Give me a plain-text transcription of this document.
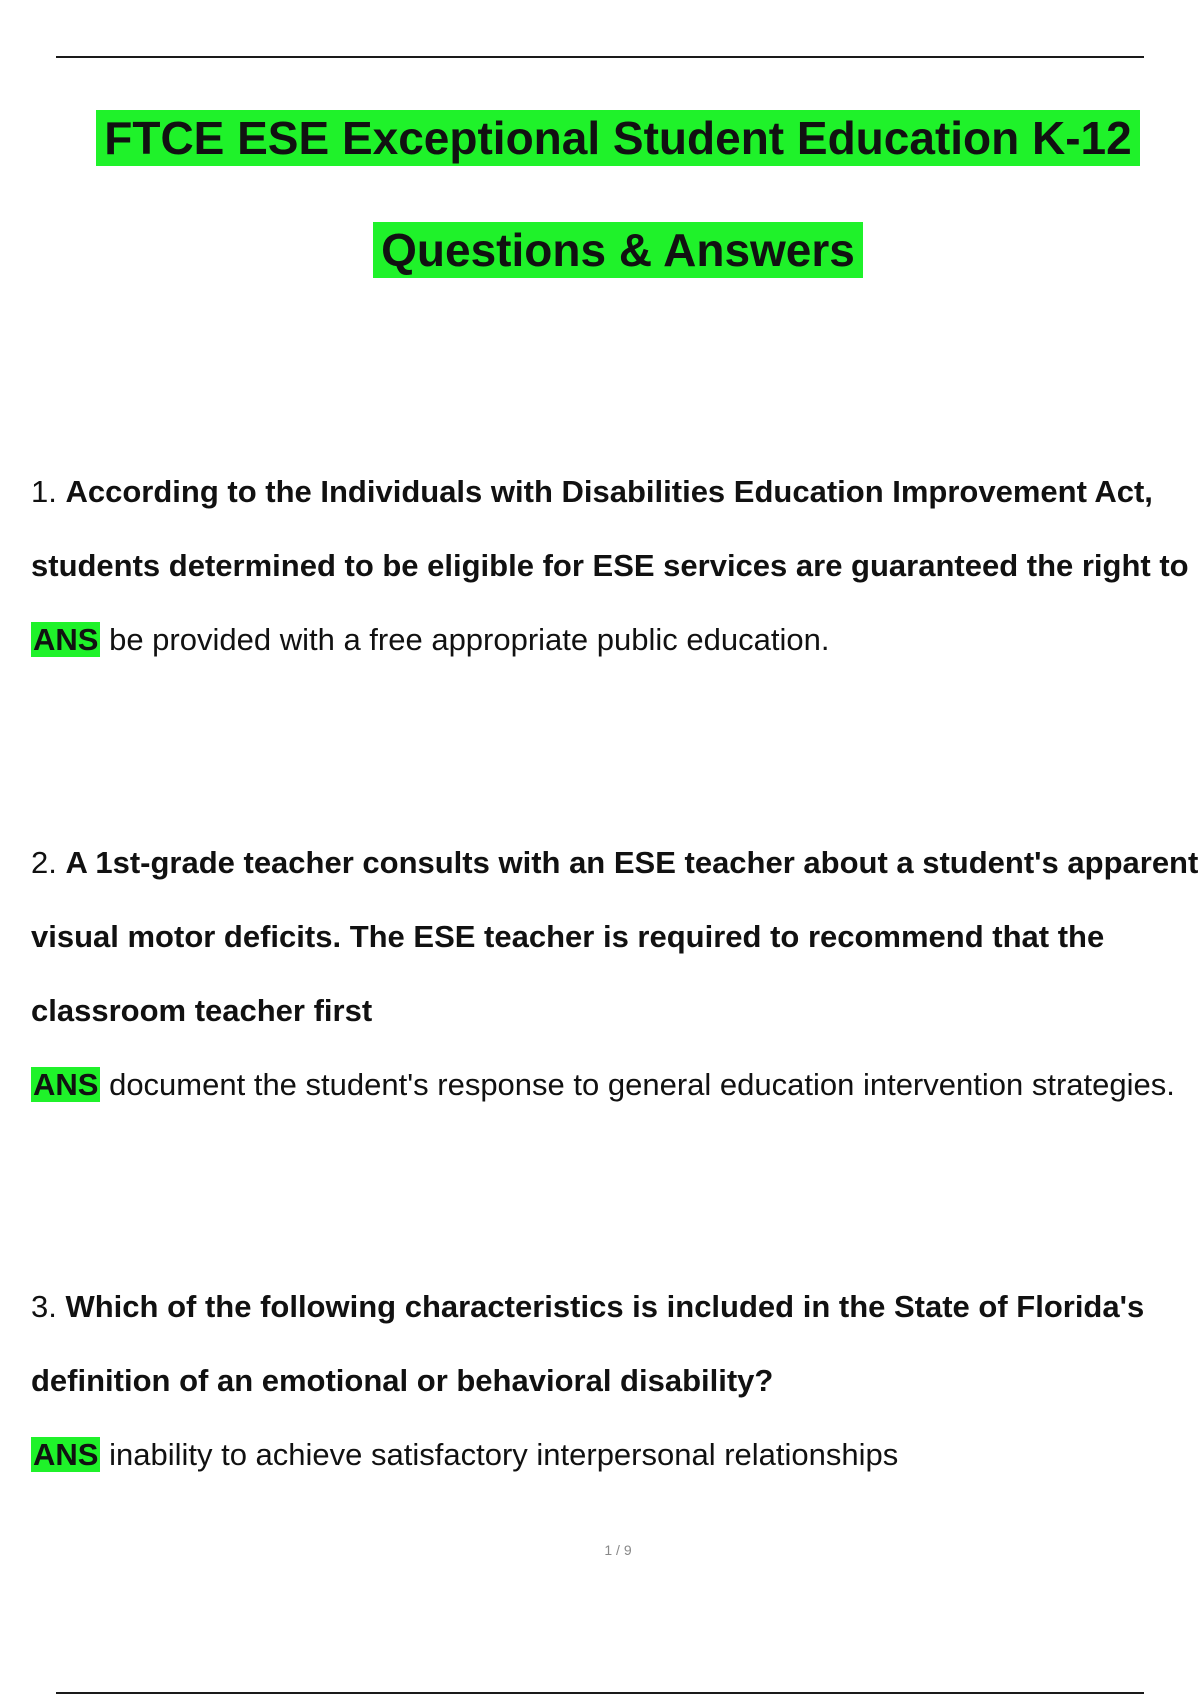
FTCE ESE Exceptional Student Education K-12
Questions & Answers
1. According to the Individuals with Disabilities Education Improvement Act, students determined to be eligible for ESE services are guaranteed the right to
ANS be provided with a free appropriate public education.
2. A 1st-grade teacher consults with an ESE teacher about a student's apparent visual motor deficits. The ESE teacher is required to recommend that the classroom teacher first
ANS document the student's response to general education intervention strategies.
3. Which of the following characteristics is included in the State of Florida's definition of an emotional or behavioral disability?
ANS inability to achieve satisfactory interpersonal relationships
1 / 9
